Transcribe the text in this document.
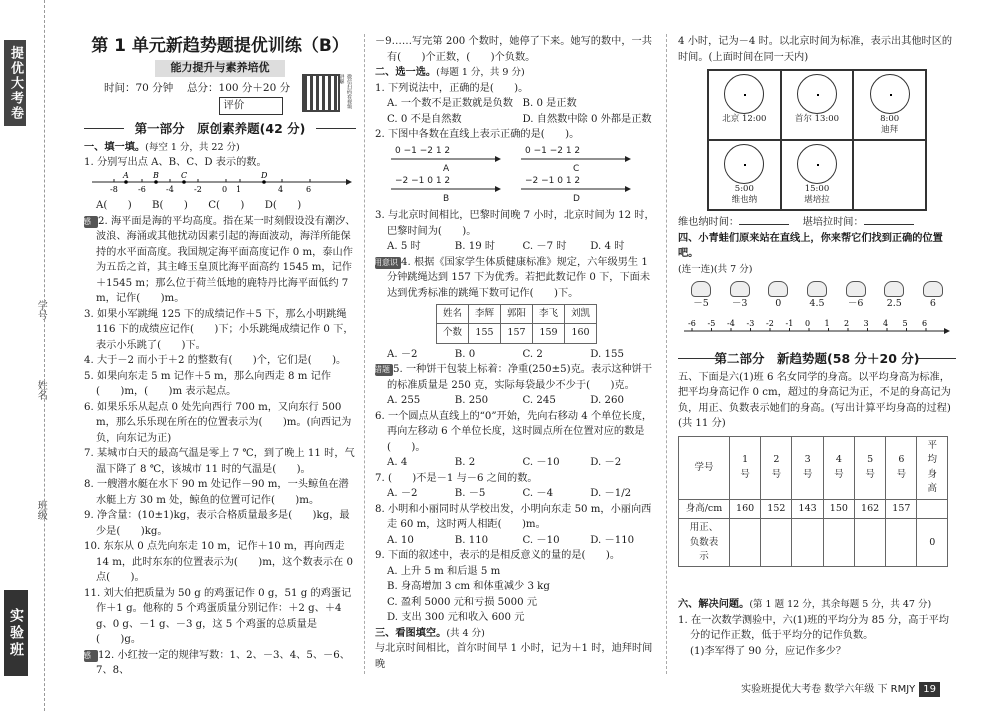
提优大考卷
学号
姓名
班级
实验班
第 1 单元新趋势题提优训练（B）
能力提升与素养培优
时间：70 分钟　 总分：100 分＋20 分
评价	微信扫码看视频讲解
第一部分　原创素养题(42 分)

一、填一填。(每空 1 分，共 22 分)

1. 分别写出点 A、B、C、D 表示的数。

-8	-6	-4	-2	0 1	4	6
A	B	C	D

A(　　)　　B(　　)　　C(　　)　　D(　　)

数感 2. 海平面是海的平均高度。指在某一时刻假设没有潮汐、波浪、海涌或其他扰动因素引起的海面波动，海洋所能保持的水平面高度。我国规定海平面高度记作 0 m，泰山作为五岳之首，其主峰玉皇顶比海平面高约 1545 m，记作＋1545 m；那么位于荷兰低地的鹿特丹比海平面低约 7 m，记作(　　)m。

3. 如果小军跳绳 125 下的成绩记作＋5 下，那么小明跳绳 116 下的成绩应记作(　　)下；小乐跳绳成绩记作 0 下，表示小乐跳了(　　)下。

4. 大于－2 而小于＋2 的整数有(　　)个，它们是(　　)。

5. 如果向东走 5 m 记作＋5 m，那么向西走 8 m 记作(　　)m，(　　)m 表示起点。

6. 如果乐乐从起点 0 处先向西行 700 m，又向东行 500 m，那么乐乐现在所在的位置表示为(　　)m。(向西记为负，向东记为正)

7. 某城市白天的最高气温是零上 7 ℃，到了晚上 11 时，气温下降了 8 ℃，该城市 11 时的气温是(　　)。

8. 一艘潜水艇在水下 90 m 处记作－90 m，一头鲸鱼在潜水艇上方 30 m 处，鲸鱼的位置可记作(　　)m。

9. 净含量：(10±1)kg，表示合格质量最多是(　　)kg，最少是(　　)kg。

10. 东东从 0 点先向东走 10 m，记作＋10 m，再向西走 14 m，此时东东的位置表示为(　　)m，这个数表示在 0 点(　　)。

11. 刘大伯把质量为 50 g 的鸡蛋记作 0 g，51 g 的鸡蛋记作＋1 g。他称的 5 个鸡蛋质量分别记作：＋2 g、＋4 g、0 g、－1 g、－3 g，这 5 个鸡蛋的总质量是(　　)g。

数感 12. 小红按一定的规律写数：1、2、－3、4、5、－6、7、8、

－9……写完第 200 个数时，她停了下来。她写的数中，一共有(　　)个正数，(　　)个负数。

二、选一选。(每题 1 分，共 9 分)

1. 下列说法中，正确的是(　　)。

A. 一个数不是正数就是负数 B. 0 是正数
C. 0 不是自然数	D. 自然数中除 0 外都是正数

2. 下图中各数在直线上表示正确的是(　　)。

0 −1 −2 1 2
A
0 −1 −2 1 2
C
−2 −1 0 1 2
B
−2 −1 0 1 2
D

3. 与北京时间相比，巴黎时间晚 7 小时，北京时间为 12 时，巴黎时间为(　　)。

A. 5 时	B. 19 时	C. －7 时	D. 4 时

应用意识 4. 根据《国家学生体质健康标准》规定，六年级男生 1 分钟跳绳达到 157 下为优秀。若把此数记作 0 下，下面未达到优秀标准的跳绳下数可记作(　　)下。

姓名	李辉	郭阳	李飞	刘凯
个数	155	157	159	160
A. －2	B. 0	C. 2	D. 155

易错题 5. 一种饼干包装上标着：净重(250±5)克。表示这种饼干的标准质量是 250 克，实际每袋最少不少于(　　)克。

A. 255	B. 250	C. 245	D. 260

6. 一个圆点从直线上的“0”开始，先向右移动 4 个单位长度，再向左移动 6 个单位长度，这时圆点所在位置对应的数是(　　)。

A. 4	B. 2	C. －10	D. －2

7. (　　)不是－1 与－6 之间的数。

A. －2	B. －5	C. －4	D. －1/2

8. 小明和小丽同时从学校出发，小明向东走 50 m，小丽向西走 60 m，这时两人相距(　　)m。

A. 10	B. 110	C. －10	D. －110

9. 下面的叙述中，表示的是相反意义的量的是(　　)。

A. 上升 5 m 和后退 5 m
B. 身高增加 3 cm 和体重减少 3 kg
C. 盈利 5000 元和亏损 5000 元
D. 支出 300 元和收入 600 元

三、看图填空。(共 4 分)

与北京时间相比，首尔时间早 1 小时，记为＋1 时，迪拜时间晚

4 小时，记为－4 时。以北京时间为标准，表示出其他时区的时间。(上面时间在同一天内)

北京 12:00	首尔 13:00	8:00
迪拜
5:00
维也纳
15:00
堪培拉

维也纳时间： 　	堪培拉时间：

四、小青蛙们原来站在直线上，你来帮它们找到正确的位置吧。
(连一连)(共 7 分)

－5	－3	0	4.5	－6	2.5	6
-6 -5 -4 -3 -2 -1 0 1 2 3 4 5 6
第二部分　新趋势题(58 分＋20 分)

五、下面是六(1)班 6 名女同学的身高。以平均身高为标准，把平均身高记作 0 cm，超过的身高记为正，不足的身高记为负，用正、负数表示她们的身高。(写出计算平均身高的过程)
(共 11 分)

学号	1 号	2 号	3 号	4 号	5 号	6 号	平均身高
身高/cm	160	152	143	150	162	157	
用正、负数表示							0

六、解决问题。(第 1 题 12 分，其余每题 5 分，共 47 分)

1. 在一次数学测验中，六(1)班的平均分为 85 分，高于平均分的记作正数，低于平均分的记作负数。

(1)李军得了 90 分，应记作多少？

实验班提优大考卷 数学六年级 下 RMJY 19
